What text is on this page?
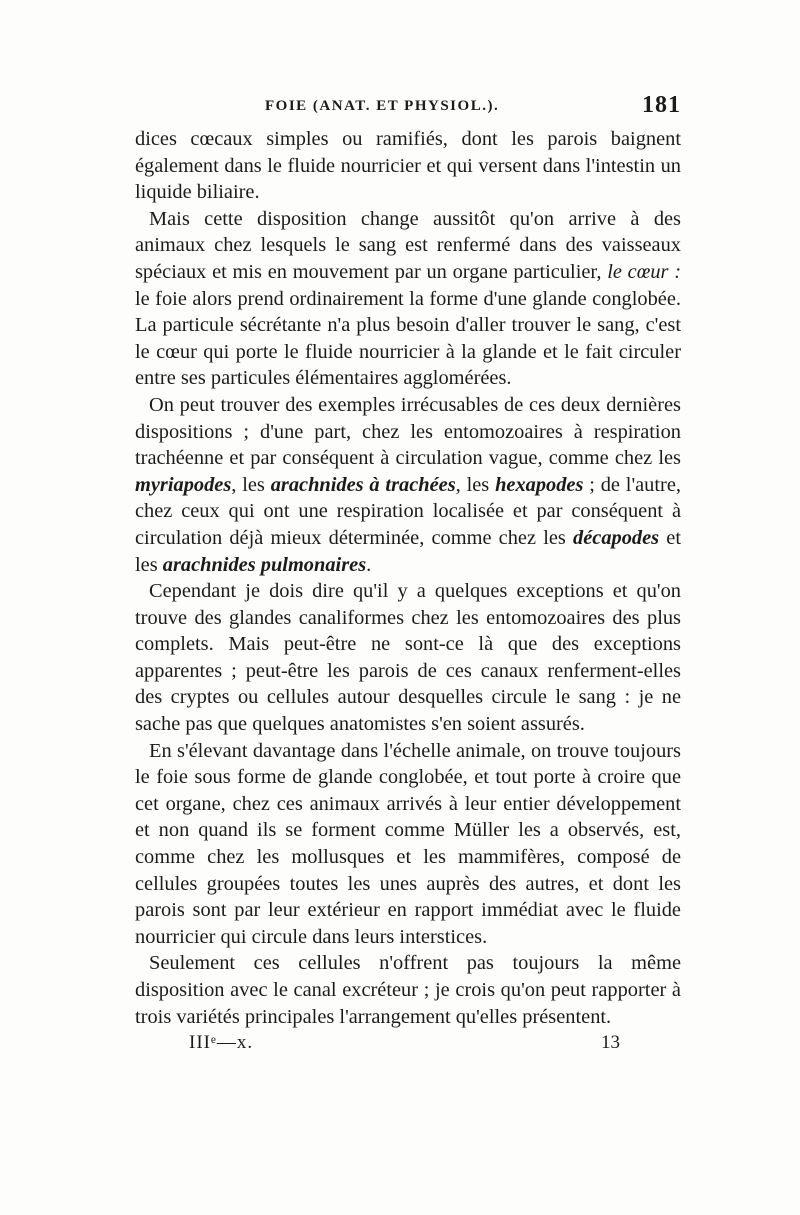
FOIE (ANAT. ET PHYSIOL.).	181

dices cœcaux simples ou ramifiés, dont les parois baignent également dans le fluide nourricier et qui versent dans l'intestin un liquide biliaire.

Mais cette disposition change aussitôt qu'on arrive à des animaux chez lesquels le sang est renfermé dans des vaisseaux spéciaux et mis en mouvement par un organe particulier, le cœur : le foie alors prend ordinairement la forme d'une glande conglobée. La particule sécrétante n'a plus besoin d'aller trouver le sang, c'est le cœur qui porte le fluide nourricier à la glande et le fait circuler entre ses particules élémentaires agglomérées.

On peut trouver des exemples irrécusables de ces deux dernières dispositions ; d'une part, chez les entomozoaires à respiration trachéenne et par conséquent à circulation vague, comme chez les myriapodes, les arachnides à trachées, les hexapodes ; de l'autre, chez ceux qui ont une respiration localisée et par conséquent à circulation déjà mieux déterminée, comme chez les décapodes et les arachnides pulmonaires.

Cependant je dois dire qu'il y a quelques exceptions et qu'on trouve des glandes canaliformes chez les entomozoaires des plus complets. Mais peut-être ne sont-ce là que des exceptions apparentes ; peut-être les parois de ces canaux renferment-elles des cryptes ou cellules autour desquelles circule le sang : je ne sache pas que quelques anatomistes s'en soient assurés.

En s'élevant davantage dans l'échelle animale, on trouve toujours le foie sous forme de glande conglobée, et tout porte à croire que cet organe, chez ces animaux arrivés à leur entier développement et non quand ils se forment comme Müller les a observés, est, comme chez les mollusques et les mammifères, composé de cellules groupées toutes les unes auprès des autres, et dont les parois sont par leur extérieur en rapport immédiat avec le fluide nourricier qui circule dans leurs interstices.

Seulement ces cellules n'offrent pas toujours la même disposition avec le canal excréteur ; je crois qu'on peut rapporter à trois variétés principales l'arrangement qu'elles présentent.

IIIᵉ—x.	13
